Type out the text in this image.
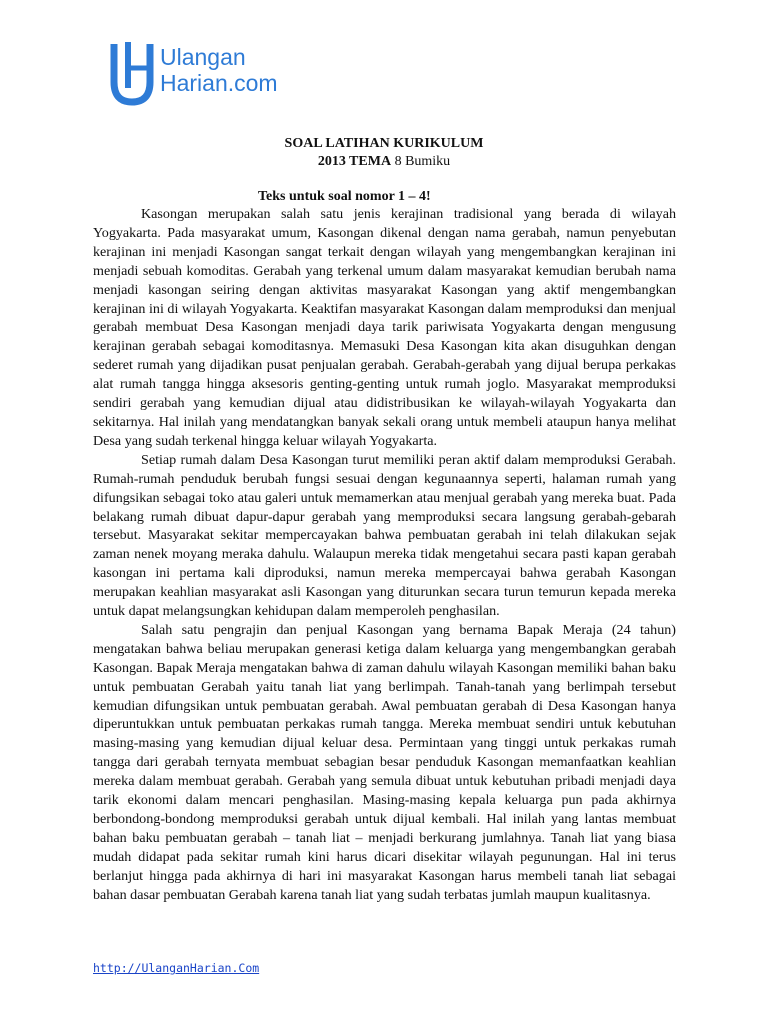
Ulangan
Harian.com
SOAL LATIHAN KURIKULUM
2013 TEMA 8 Bumiku
Teks untuk soal nomor 1 – 4!

Kasongan merupakan salah satu jenis kerajinan tradisional yang berada di wilayah Yogyakarta. Pada masyarakat umum, Kasongan dikenal dengan nama gerabah, namun penyebutan kerajinan ini menjadi Kasongan sangat terkait dengan wilayah yang mengembangkan kerajinan ini menjadi sebuah komoditas. Gerabah yang terkenal umum dalam masyarakat kemudian berubah nama menjadi kasongan seiring dengan aktivitas masyarakat Kasongan yang aktif mengembangkan kerajinan ini di wilayah Yogyakarta. Keaktifan masyarakat Kasongan dalam memproduksi dan menjual gerabah membuat Desa Kasongan menjadi daya tarik pariwisata Yogyakarta dengan mengusung kerajinan gerabah sebagai komoditasnya. Memasuki Desa Kasongan kita akan disuguhkan dengan sederet rumah yang dijadikan pusat penjualan gerabah. Gerabah-gerabah yang dijual berupa perkakas alat rumah tangga hingga aksesoris genting-genting untuk rumah joglo. Masyarakat memproduksi sendiri gerabah yang kemudian dijual atau didistribusikan ke wilayah-wilayah Yogyakarta dan sekitarnya. Hal inilah yang mendatangkan banyak sekali orang untuk membeli ataupun hanya melihat Desa yang sudah terkenal hingga keluar wilayah Yogyakarta.

Setiap rumah dalam Desa Kasongan turut memiliki peran aktif dalam memproduksi Gerabah. Rumah-rumah penduduk berubah fungsi sesuai dengan kegunaannya seperti, halaman rumah yang difungsikan sebagai toko atau galeri untuk memamerkan atau menjual gerabah yang mereka buat. Pada belakang rumah dibuat dapur-dapur gerabah yang memproduksi secara langsung gerabah-gebarah tersebut. Masyarakat sekitar mempercayakan bahwa pembuatan gerabah ini telah dilakukan sejak zaman nenek moyang meraka dahulu. Walaupun mereka tidak mengetahui secara pasti kapan gerabah kasongan ini pertama kali diproduksi, namun mereka mempercayai bahwa gerabah Kasongan merupakan keahlian masyarakat asli Kasongan yang diturunkan secara turun temurun kepada mereka untuk dapat melangsungkan kehidupan dalam memperoleh penghasilan.

Salah satu pengrajin dan penjual Kasongan yang bernama Bapak Meraja (24 tahun) mengatakan bahwa beliau merupakan generasi ketiga dalam keluarga yang mengembangkan gerabah Kasongan. Bapak Meraja mengatakan bahwa di zaman dahulu wilayah Kasongan memiliki bahan baku untuk pembuatan Gerabah yaitu tanah liat yang berlimpah. Tanah-tanah yang berlimpah tersebut kemudian difungsikan untuk pembuatan gerabah. Awal pembuatan gerabah di Desa Kasongan hanya diperuntukkan untuk pembuatan perkakas rumah tangga. Mereka membuat sendiri untuk kebutuhan masing-masing yang kemudian dijual keluar desa. Permintaan yang tinggi untuk perkakas rumah tangga dari gerabah ternyata membuat sebagian besar penduduk Kasongan memanfaatkan keahlian mereka dalam membuat gerabah. Gerabah yang semula dibuat untuk kebutuhan pribadi menjadi daya tarik ekonomi dalam mencari penghasilan. Masing-masing kepala keluarga pun pada akhirnya berbondong-bondong memproduksi gerabah untuk dijual kembali. Hal inilah yang lantas membuat bahan baku pembuatan gerabah – tanah liat – menjadi berkurang jumlahnya. Tanah liat yang biasa mudah didapat pada sekitar rumah kini harus dicari disekitar wilayah pegunungan. Hal ini terus berlanjut hingga pada akhirnya di hari ini masyarakat Kasongan harus membeli tanah liat sebagai bahan dasar pembuatan Gerabah karena tanah liat yang sudah terbatas jumlah maupun kualitasnya.

http://UlanganHarian.Com
